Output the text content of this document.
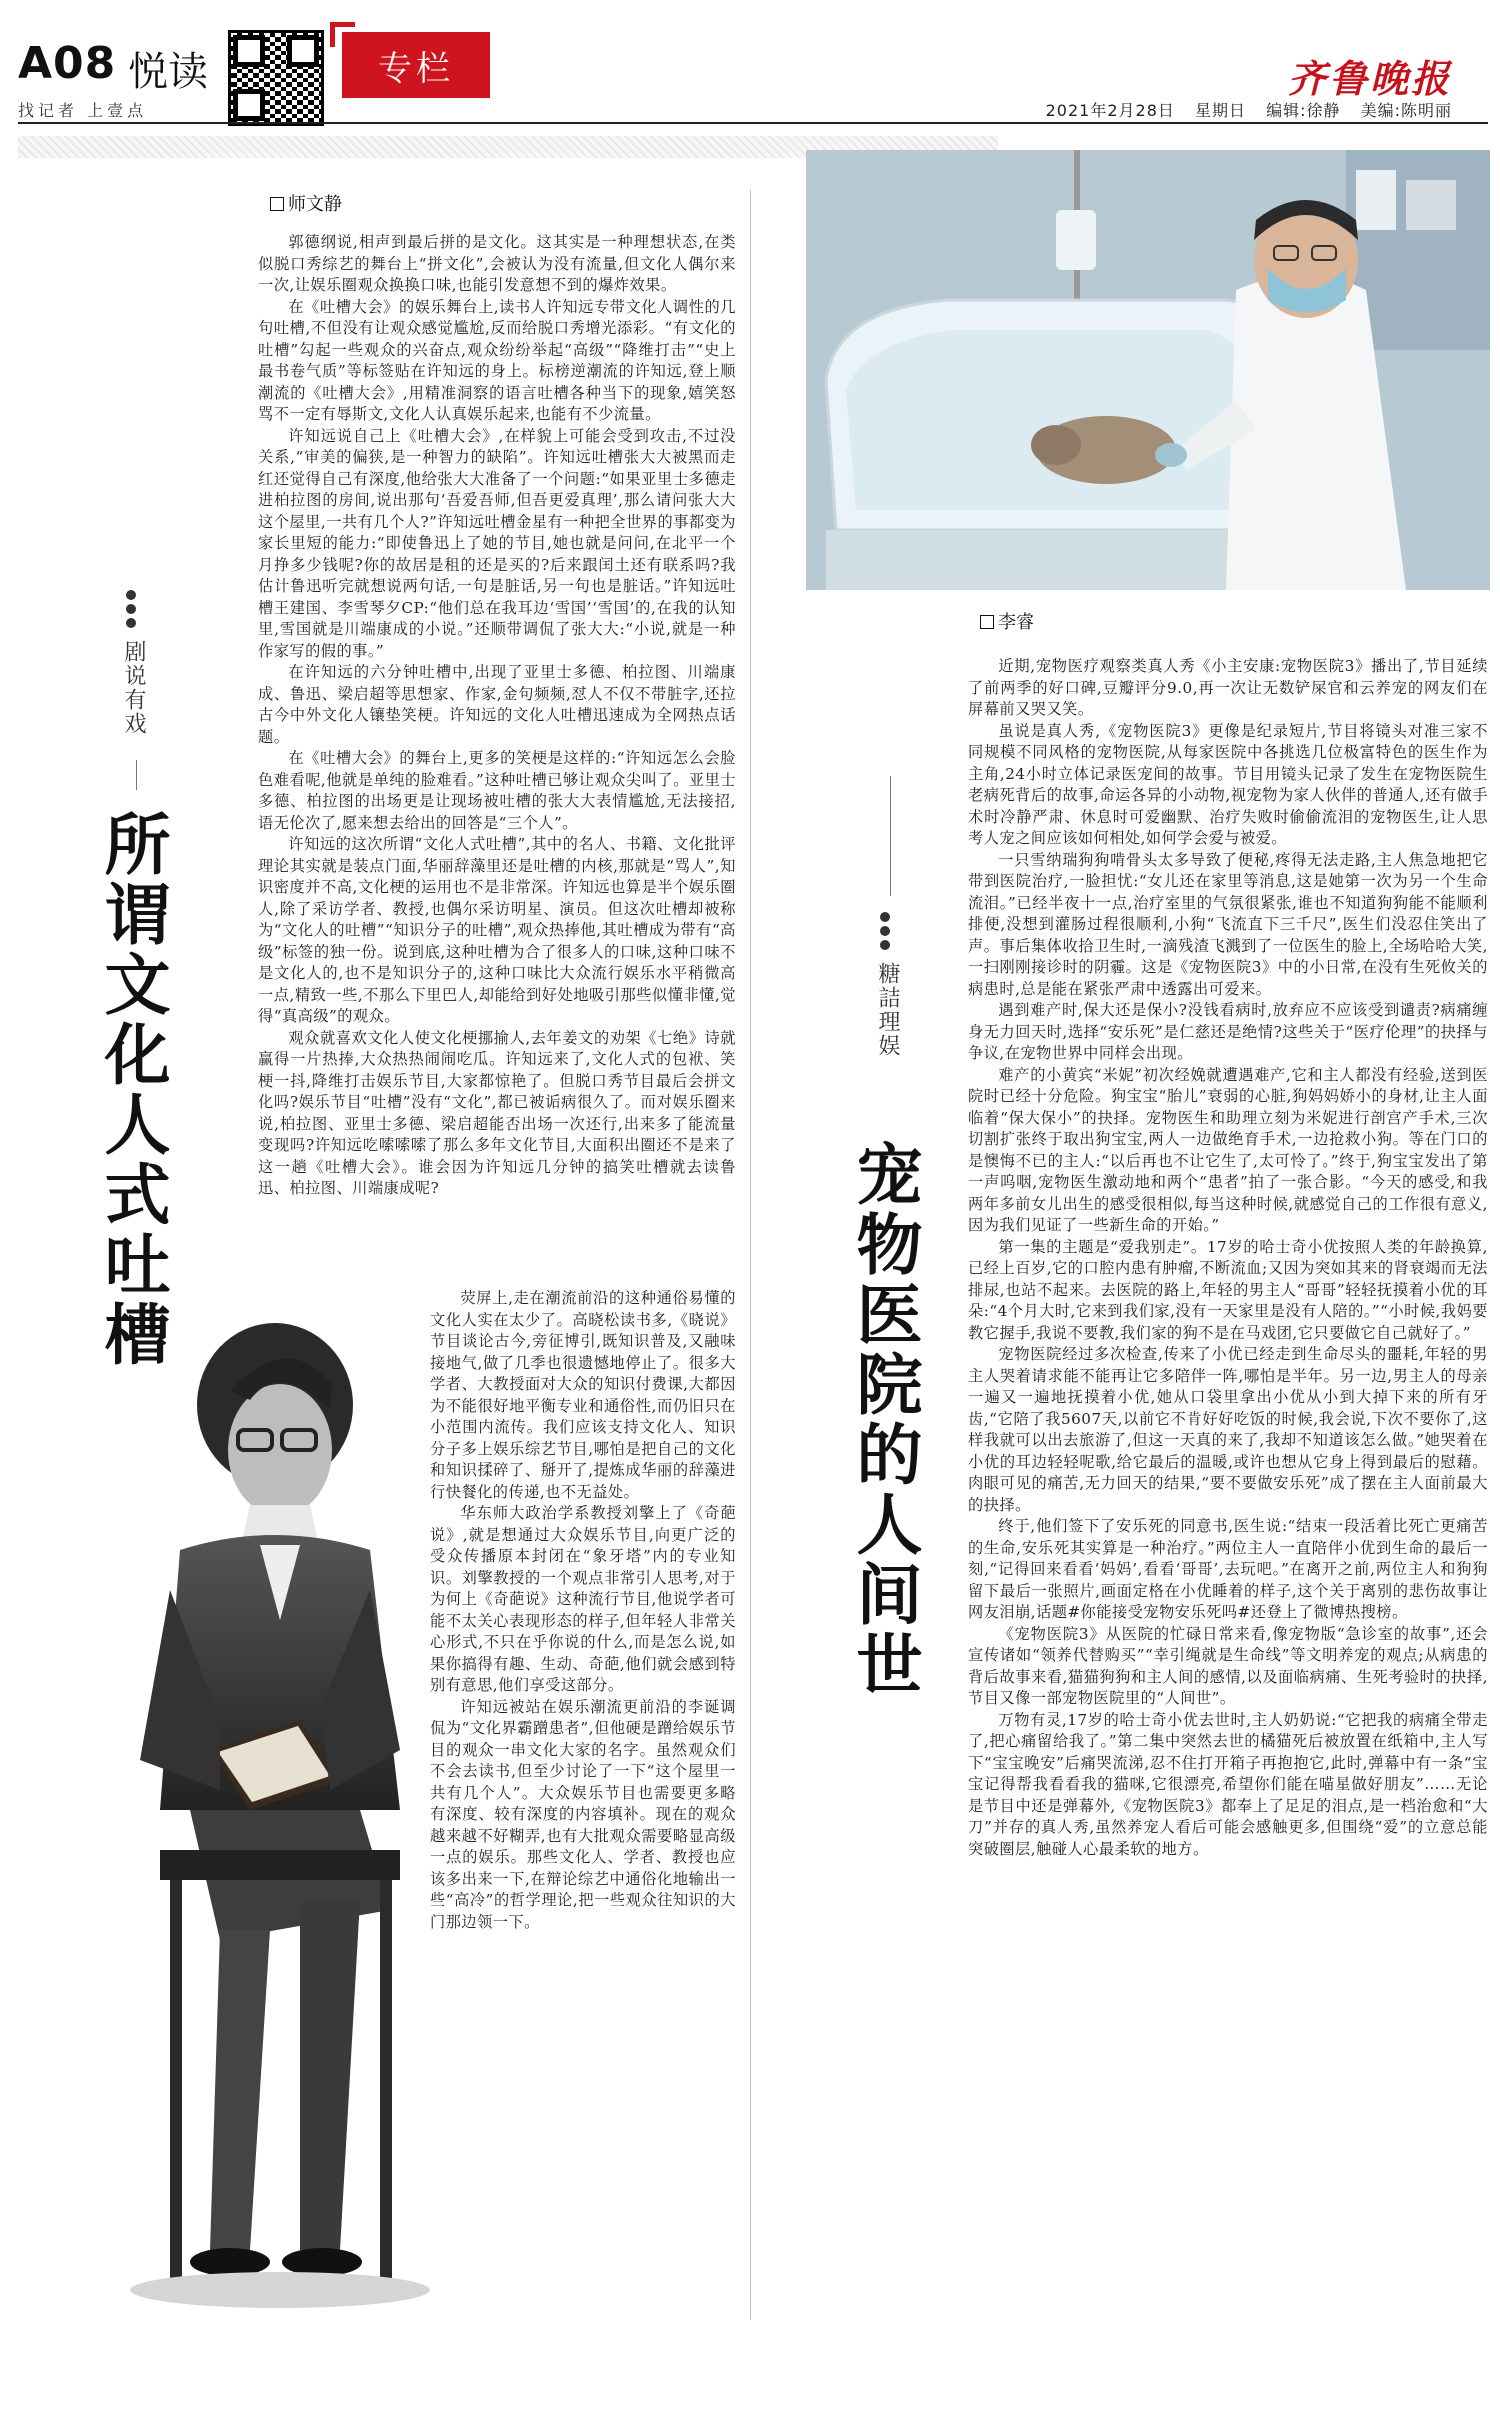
A08 悦读
找记者 上壹点
专栏	齐鲁晚报
2021年2月28日 星期日 编辑:徐静 美编:陈明丽
师文静
剧说有戏
所谓文化人式吐槽

郭德纲说,相声到最后拼的是文化。这其实是一种理想状态,在类似脱口秀综艺的舞台上“拼文化”,会被认为没有流量,但文化人偶尔来一次,让娱乐圈观众换换口味,也能引发意想不到的爆炸效果。

在《吐槽大会》的娱乐舞台上,读书人许知远专带文化人调性的几句吐槽,不但没有让观众感觉尴尬,反而给脱口秀增光添彩。“有文化的吐槽”勾起一些观众的兴奋点,观众纷纷举起“高级”“降维打击”“史上最书卷气质”等标签贴在许知远的身上。标榜逆潮流的许知远,登上顺潮流的《吐槽大会》,用精准洞察的语言吐槽各种当下的现象,嬉笑怒骂不一定有辱斯文,文化人认真娱乐起来,也能有不少流量。

许知远说自己上《吐槽大会》,在样貌上可能会受到攻击,不过没关系,“审美的偏狭,是一种智力的缺陷”。许知远吐槽张大大被黑而走红还觉得自己有深度,他给张大大准备了一个问题:“如果亚里士多德走进柏拉图的房间,说出那句‘吾爱吾师,但吾更爱真理’,那么请问张大大这个屋里,一共有几个人?”许知远吐槽金星有一种把全世界的事都变为家长里短的能力:“即使鲁迅上了她的节目,她也就是问问,在北平一个月挣多少钱呢?你的故居是租的还是买的?后来跟闰土还有联系吗?我估计鲁迅听完就想说两句话,一句是脏话,另一句也是脏话。”许知远吐槽王建国、李雪琴夕CP:“他们总在我耳边‘雪国’‘雪国’的,在我的认知里,雪国就是川端康成的小说。”还顺带调侃了张大大:“小说,就是一种作家写的假的事。”

在许知远的六分钟吐槽中,出现了亚里士多德、柏拉图、川端康成、鲁迅、梁启超等思想家、作家,金句频频,怼人不仅不带脏字,还拉古今中外文化人镶垫笑梗。许知远的文化人吐槽迅速成为全网热点话题。

在《吐槽大会》的舞台上,更多的笑梗是这样的:“许知远怎么会脸色难看呢,他就是单纯的脸难看。”这种吐槽已够让观众尖叫了。亚里士多德、柏拉图的出场更是让现场被吐槽的张大大表情尴尬,无法接招,语无伦次了,愿来想去给出的回答是“三个人”。

许知远的这次所谓“文化人式吐槽”,其中的名人、书籍、文化批评理论其实就是装点门面,华丽辞藻里还是吐槽的内核,那就是“骂人”,知识密度并不高,文化梗的运用也不是非常深。许知远也算是半个娱乐圈人,除了采访学者、教授,也偶尔采访明星、演员。但这次吐槽却被称为“文化人的吐槽”“知识分子的吐槽”,观众热捧他,其吐槽成为带有“高级”标签的独一份。说到底,这种吐槽为合了很多人的口味,这种口味不是文化人的,也不是知识分子的,这种口味比大众流行娱乐水平稍微高一点,精致一些,不那么下里巴人,却能给到好处地吸引那些似懂非懂,觉得“真高级”的观众。

观众就喜欢文化人使文化梗挪揄人,去年姜文的劝架《七绝》诗就赢得一片热捧,大众热热闹闹吃瓜。许知远来了,文化人式的包袱、笑梗一抖,降维打击娱乐节目,大家都惊艳了。但脱口秀节目最后会拼文化吗?娱乐节目“吐槽”没有“文化”,都已被诟病很久了。而对娱乐圈来说,柏拉图、亚里士多德、梁启超能否出场一次还行,出来多了能流量变现吗?许知远吃嗦嗦嗦了那么多年文化节目,大面积出圈还不是来了这一趟《吐槽大会》。谁会因为许知远几分钟的搞笑吐槽就去读鲁迅、柏拉图、川端康成呢?

荧屏上,走在潮流前沿的这种通俗易懂的文化人实在太少了。高晓松读书多,《晓说》节目谈论古今,旁征博引,既知识普及,又融味接地气,做了几季也很遗憾地停止了。很多大学者、大教授面对大众的知识付费课,大都因为不能很好地平衡专业和通俗性,而仍旧只在小范围内流传。我们应该支持文化人、知识分子多上娱乐综艺节目,哪怕是把自己的文化和知识揉碎了、掰开了,提炼成华丽的辞藻进行快餐化的传递,也不无益处。

华东师大政治学系教授刘擎上了《奇葩说》,就是想通过大众娱乐节目,向更广泛的受众传播原本封闭在“象牙塔”内的专业知识。刘擎教授的一个观点非常引人思考,对于为何上《奇葩说》这种流行节目,他说学者可能不太关心表现形态的样子,但年轻人非常关心形式,不只在乎你说的什么,而是怎么说,如果你搞得有趣、生动、奇葩,他们就会感到特别有意思,他们享受这部分。

许知远被站在娱乐潮流更前沿的李诞调侃为“文化界霸蹭患者”,但他硬是蹭给娱乐节目的观众一串文化大家的名字。虽然观众们不会去读书,但至少讨论了一下“这个屋里一共有几个人”。大众娱乐节目也需要更多略有深度、较有深度的内容填补。现在的观众越来越不好糊弄,也有大批观众需要略显高级一点的娱乐。那些文化人、学者、教授也应该多出来一下,在辩论综艺中通俗化地输出一些“高冷”的哲学理论,把一些观众往知识的大门那边领一下。

李睿
糖詰理娱
宠物医院的人间世

近期,宠物医疗观察类真人秀《小主安康:宠物医院3》播出了,节目延续了前两季的好口碑,豆瓣评分9.0,再一次让无数铲屎官和云养宠的网友们在屏幕前又哭又笑。

虽说是真人秀,《宠物医院3》更像是纪录短片,节目将镜头对准三家不同规模不同风格的宠物医院,从每家医院中各挑选几位极富特色的医生作为主角,24小时立体记录医宠间的故事。节目用镜头记录了发生在宠物医院生老病死背后的故事,命运各异的小动物,视宠物为家人伙伴的普通人,还有做手术时冷静严肃、休息时可爱幽默、治疗失败时偷偷流泪的宠物医生,让人思考人宠之间应该如何相处,如何学会爱与被爱。

一只雪纳瑞狗狗啃骨头太多导致了便秘,疼得无法走路,主人焦急地把它带到医院治疗,一脸担忧:“女儿还在家里等消息,这是她第一次为另一个生命流泪。”已经半夜十一点,治疗室里的气氛很紧张,谁也不知道狗狗能不能顺利排便,没想到灌肠过程很顺利,小狗“飞流直下三千尺”,医生们没忍住笑出了声。事后集体收拾卫生时,一滴残渣飞溅到了一位医生的脸上,全场哈哈大笑,一扫刚刚接诊时的阴霾。这是《宠物医院3》中的小日常,在没有生死攸关的病患时,总是能在紧张严肃中透露出可爱来。

遇到难产时,保大还是保小?没钱看病时,放弃应不应该受到谴责?病痛缠身无力回天时,选择“安乐死”是仁慈还是绝情?这些关于“医疗伦理”的抉择与争议,在宠物世界中同样会出现。

难产的小黄宾“米妮”初次经娩就遭遇难产,它和主人都没有经验,送到医院时已经十分危险。狗宝宝“胎儿”衰弱的心脏,狗妈妈娇小的身材,让主人面临着“保大保小”的抉择。宠物医生和助理立刻为米妮进行剖宫产手术,三次切割扩张终于取出狗宝宝,两人一边做绝育手术,一边抢救小狗。等在门口的是懊悔不已的主人:“以后再也不让它生了,太可怜了。”终于,狗宝宝发出了第一声呜咽,宠物医生激动地和两个“患者”拍了一张合影。“今天的感受,和我两年多前女儿出生的感受很相似,每当这种时候,就感觉自己的工作很有意义,因为我们见证了一些新生命的开始。”

第一集的主题是“爱我别走”。17岁的哈士奇小优按照人类的年龄换算,已经上百岁,它的口腔内患有肿瘤,不断流血;又因为突如其来的肾衰竭而无法排尿,也站不起来。去医院的路上,年轻的男主人“哥哥”轻轻抚摸着小优的耳朵:“4个月大时,它来到我们家,没有一天家里是没有人陪的。”“小时候,我妈要教它握手,我说不要教,我们家的狗不是在马戏团,它只要做它自己就好了。”

宠物医院经过多次检查,传来了小优已经走到生命尽头的噩耗,年轻的男主人哭着请求能不能再让它多陪伴一阵,哪怕是半年。另一边,男主人的母亲一遍又一遍地抚摸着小优,她从口袋里拿出小优从小到大掉下来的所有牙齿,“它陪了我5607天,以前它不肯好好吃饭的时候,我会说,下次不要你了,这样我就可以出去旅游了,但这一天真的来了,我却不知道该怎么做。”她哭着在小优的耳边轻轻呢歌,给它最后的温暖,或许也想从它身上得到最后的慰藉。肉眼可见的痛苦,无力回天的结果,“要不要做安乐死”成了摆在主人面前最大的抉择。

终于,他们签下了安乐死的同意书,医生说:“结束一段活着比死亡更痛苦的生命,安乐死其实算是一种治疗。”两位主人一直陪伴小优到生命的最后一刻,“记得回来看看‘妈妈’,看看‘哥哥’,去玩吧。”在离开之前,两位主人和狗狗留下最后一张照片,画面定格在小优睡着的样子,这个关于离别的悲伤故事让网友泪崩,话题#你能接受宠物安乐死吗#还登上了微博热搜榜。

《宠物医院3》从医院的忙碌日常来看,像宠物版“急诊室的故事”,还会宣传诸如“领养代替购买”“幸引绳就是生命线”等文明养宠的观点;从病患的背后故事来看,猫猫狗狗和主人间的感情,以及面临病痛、生死考验时的抉择,节目又像一部宠物医院里的“人间世”。

万物有灵,17岁的哈士奇小优去世时,主人奶奶说:“它把我的病痛全带走了,把心痛留给我了。”第二集中突然去世的橘猫死后被放置在纸箱中,主人写下“宝宝晚安”后痛哭流涕,忍不住打开箱子再抱抱它,此时,弹幕中有一条“宝宝记得帮我看看我的猫咪,它很漂亮,希望你们能在喵星做好朋友”……无论是节目中还是弹幕外,《宠物医院3》都奉上了足足的泪点,是一档治愈和“大刀”并存的真人秀,虽然养宠人看后可能会感触更多,但围绕“爱”的立意总能突破圈层,触碰人心最柔软的地方。
